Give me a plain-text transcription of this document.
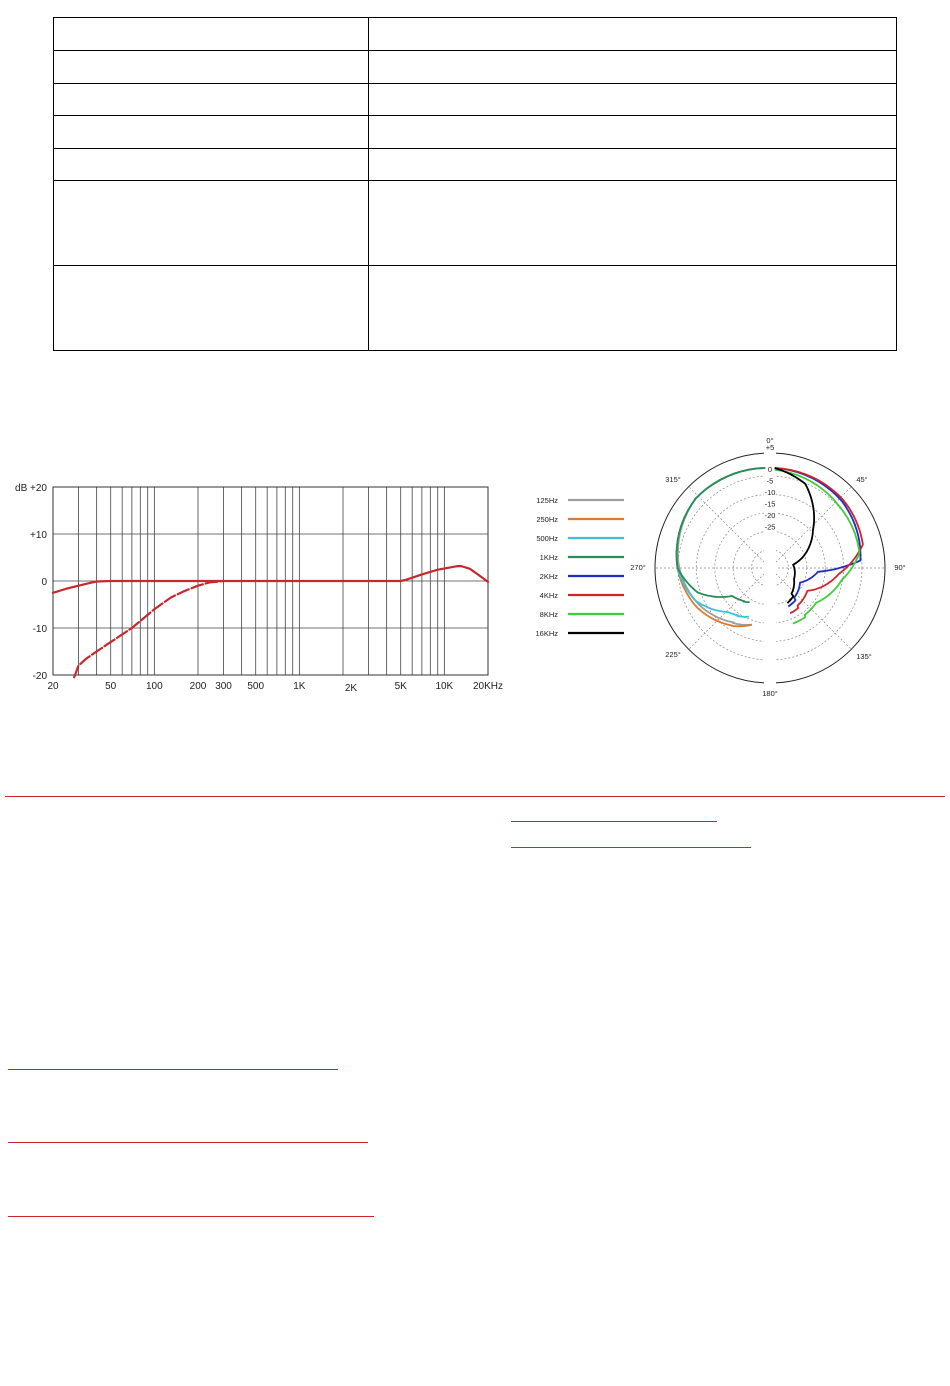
dB +20
+10
0
-10
-20
20	50	100	200 300 500	1K	2K	5K	10K 20KHz
125Hz
250Hz
500Hz
1KHz
2KHz
4KHz
8KHz
16KHz
+5
0
-5
-10
-15
-20
-25
0°
45°
90°
135°
180°
225°
270°
315°
